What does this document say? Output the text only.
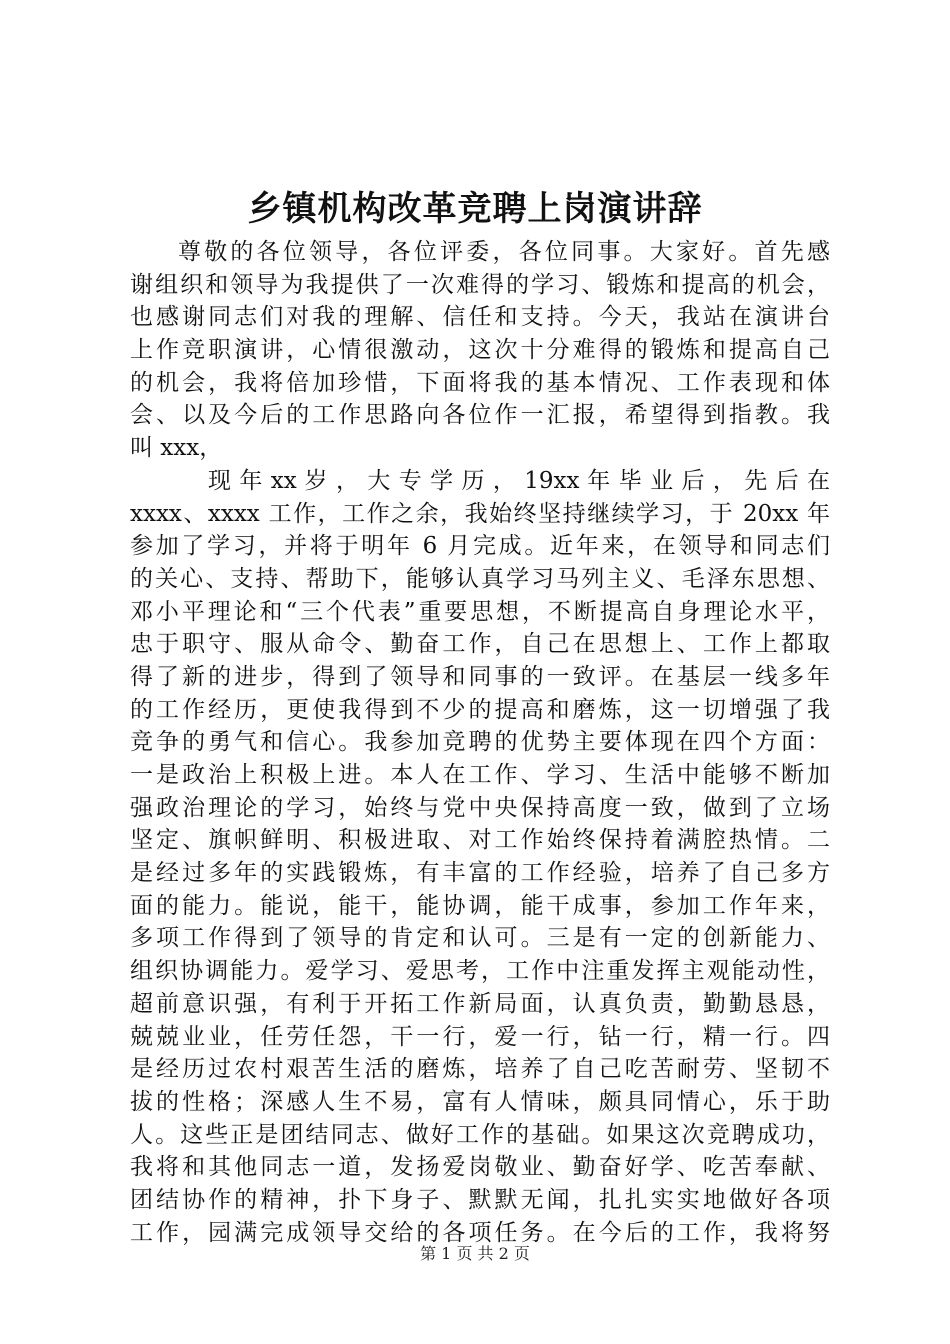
乡镇机构改革竞聘上岗演讲辞
尊敬的各位领导，各位评委，各位同事。大家好。首先感
谢组织和领导为我提供了一次难得的学习、锻炼和提高的机会，
也感谢同志们对我的理解、信任和支持。今天，我站在演讲台
上作竞职演讲，心情很激动，这次十分难得的锻炼和提高自己
的机会，我将倍加珍惜，下面将我的基本情况、工作表现和体
会、以及今后的工作思路向各位作一汇报，希望得到指教。我
叫 xxx，
现 年 xx 岁 ， 大 专 学 历 ， 19xx 年 毕 业 后 ， 先 后 在
xxxx、xxxx 工作，工作之余，我始终坚持继续学习，于 20xx 年
参加了学习，并将于明年 6 月完成。近年来，在领导和同志们
的关心、支持、帮助下，能够认真学习马列主义、毛泽东思想、
邓小平理论和“三个代表”重要思想，不断提高自身理论水平，
忠于职守、服从命令、勤奋工作，自己在思想上、工作上都取
得了新的进步，得到了领导和同事的一致评。在基层一线多年
的工作经历，更使我得到不少的提高和磨炼，这一切增强了我
竞争的勇气和信心。我参加竞聘的优势主要体现在四个方面：
一是政治上积极上进。本人在工作、学习、生活中能够不断加
强政治理论的学习，始终与党中央保持高度一致，做到了立场
坚定、旗帜鲜明、积极进取、对工作始终保持着满腔热情。二
是经过多年的实践锻炼，有丰富的工作经验，培养了自己多方
面的能力。能说，能干，能协调，能干成事，参加工作年来，
多项工作得到了领导的肯定和认可。三是有一定的创新能力、
组织协调能力。爱学习、爱思考，工作中注重发挥主观能动性，
超前意识强，有利于开拓工作新局面，认真负责，勤勤恳恳，
兢兢业业，任劳任怨，干一行，爱一行，钻一行，精一行。四
是经历过农村艰苦生活的磨炼，培养了自己吃苦耐劳、坚韧不
拔的性格；深感人生不易，富有人情味，颇具同情心，乐于助
人。这些正是团结同志、做好工作的基础。如果这次竞聘成功，
我将和其他同志一道，发扬爱岗敬业、勤奋好学、吃苦奉献、
团结协作的精神，扑下身子、默默无闻，扎扎实实地做好各项
工作，园满完成领导交给的各项任务。在今后的工作，我将努
第 1 页 共 2 页
